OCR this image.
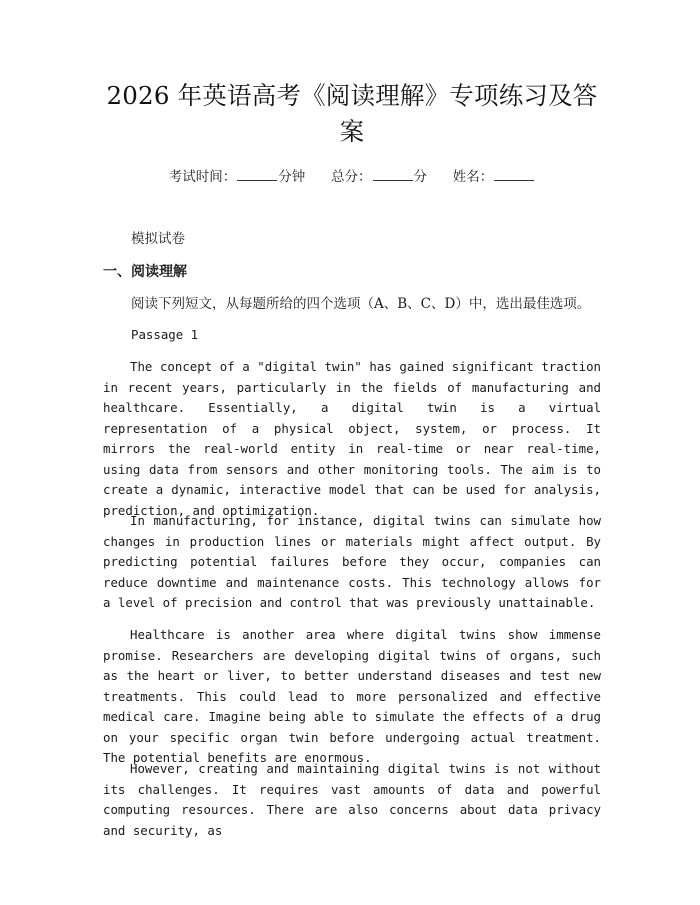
2026 年英语高考《阅读理解》专项练习及答
案
考试时间：	分钟 总分：	分 姓名：
模拟试卷
一、阅读理解
阅读下列短文，从每题所给的四个选项（A、B、C、D）中，选出最佳选项。
Passage 1
The concept of a "digital twin" has gained significant traction in recent years, particularly in the fields of manufacturing and healthcare. Essentially, a digital twin is a virtual representation of a physical object, system, or process. It mirrors the real-world entity in real-time or near real-time, using data from sensors and other monitoring tools. The aim is to create a dynamic, interactive model that can be used for analysis, prediction, and optimization.
In manufacturing, for instance, digital twins can simulate how changes in production lines or materials might affect output. By predicting potential failures before they occur, companies can reduce downtime and maintenance costs. This technology allows for a level of precision and control that was previously unattainable.
Healthcare is another area where digital twins show immense promise. Researchers are developing digital twins of organs, such as the heart or liver, to better understand diseases and test new treatments. This could lead to more personalized and effective medical care. Imagine being able to simulate the effects of a drug on your specific organ twin before undergoing actual treatment. The potential benefits are enormous.
However, creating and maintaining digital twins is not without its challenges. It requires vast amounts of data and powerful computing resources. There are also concerns about data privacy and security, as
